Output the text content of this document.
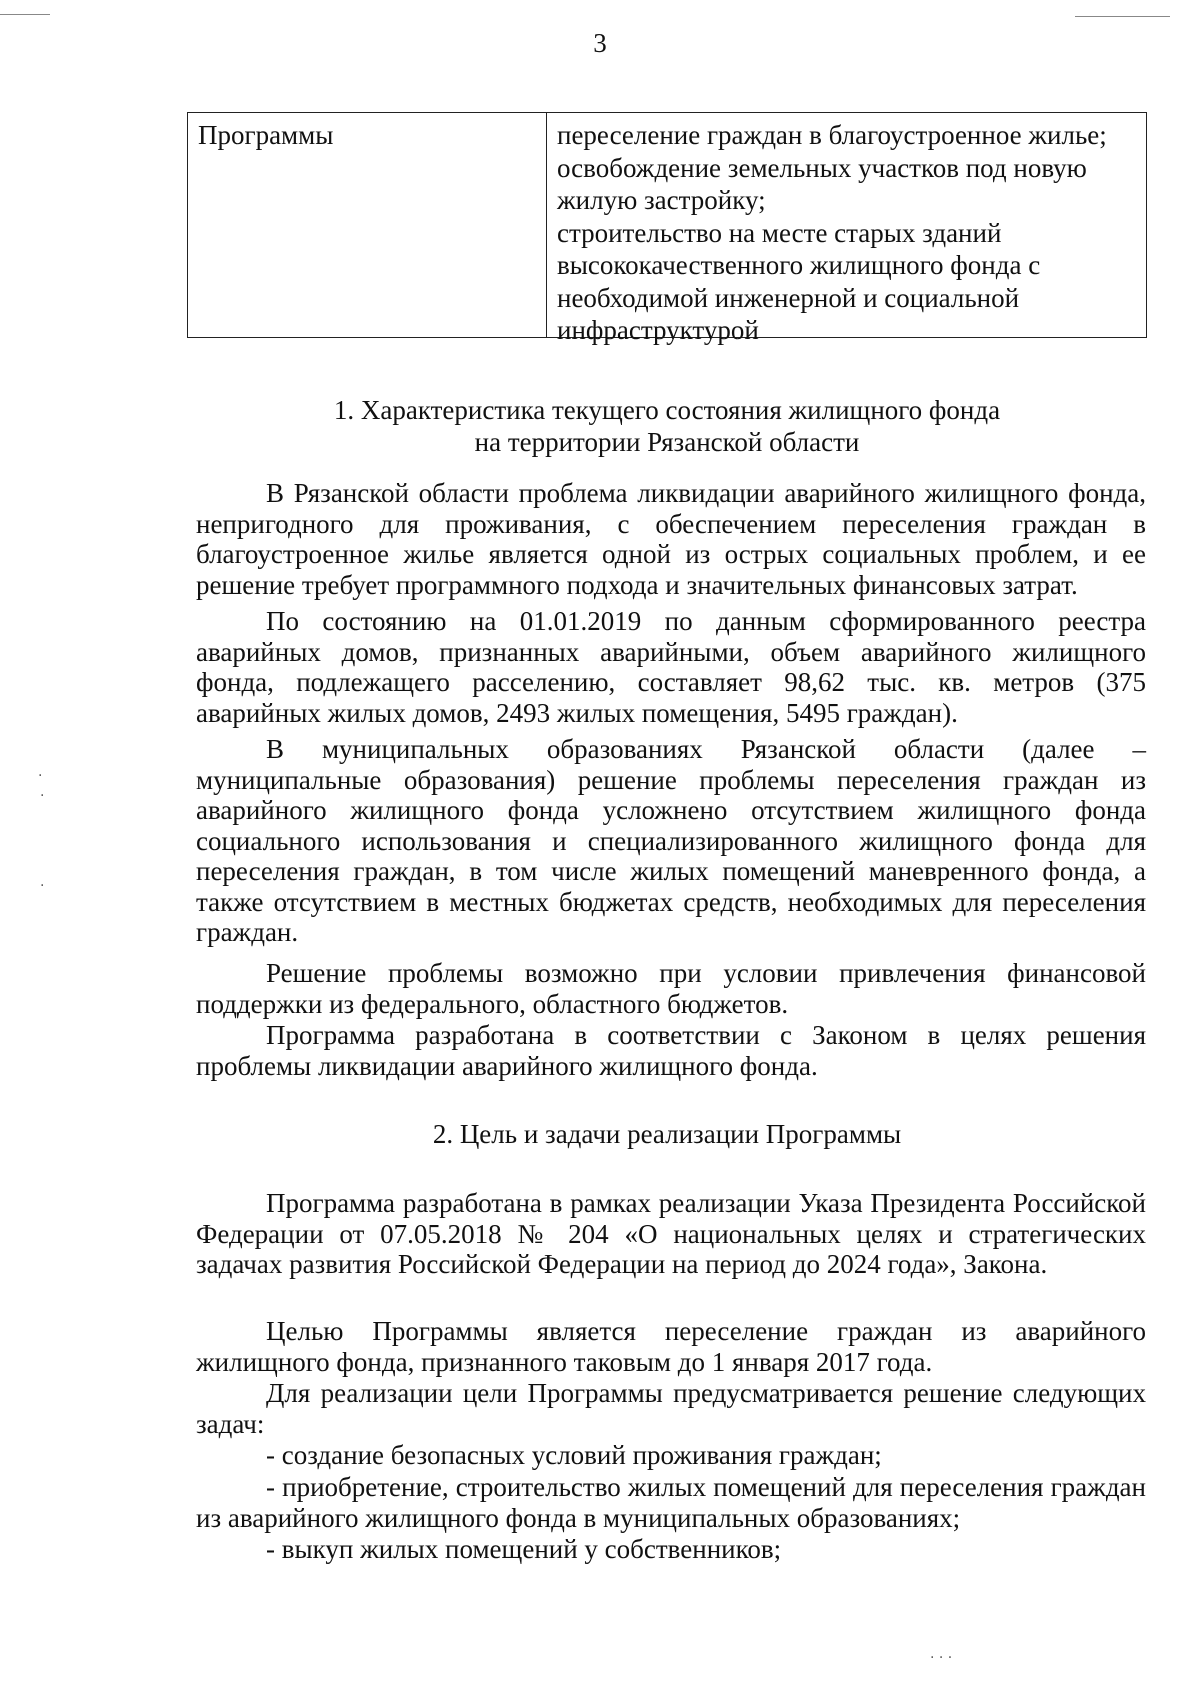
3
Программы	переселение граждан в благоустроенное жилье;
освобождение земельных участков под новую
жилую застройку;
строительство на месте старых зданий
высококачественного жилищного фонда с
необходимой инженерной и социальной
инфраструктурой
1. Характеристика текущего состояния жилищного фонда
на территории Рязанской области
В Рязанской области проблема ликвидации аварийного жилищного фонда, непригодного для проживания, с обеспечением переселения граждан в благоустроенное жилье является одной из острых социальных проблем, и ее решение требует программного подхода и значительных финансовых затрат.
По состоянию на 01.01.2019 по данным сформированного реестра аварийных домов, признанных аварийными, объем аварийного жилищного фонда, подлежащего расселению, составляет 98,62 тыс. кв. метров (375 аварийных жилых домов, 2493 жилых помещения, 5495 граждан).
В муниципальных образованиях Рязанской области (далее – муниципальные образования) решение проблемы переселения граждан из аварийного жилищного фонда усложнено отсутствием жилищного фонда социального использования и специализированного жилищного фонда для переселения граждан, в том числе жилых помещений маневренного фонда, а также отсутствием в местных бюджетах средств, необходимых для переселения граждан.
Решение проблемы возможно при условии привлечения финансовой поддержки из федерального, областного бюджетов.
Программа разработана в соответствии с Законом в целях решения проблемы ликвидации аварийного жилищного фонда.
2. Цель и задачи реализации Программы
Программа разработана в рамках реализации Указа Президента Российской Федерации от 07.05.2018 № 204 «О национальных целях и стратегических задачах развития Российской Федерации на период до 2024 года», Закона.
Целью Программы является переселение граждан из аварийного жилищного фонда, признанного таковым до 1 января 2017 года.
Для реализации цели Программы предусматривается решение следующих задач:
- создание безопасных условий проживания граждан;
- приобретение, строительство жилых помещений для переселения граждан из аварийного жилищного фонда в муниципальных образованиях;
- выкуп жилых помещений у собственников;
·
·
·
· · ·
